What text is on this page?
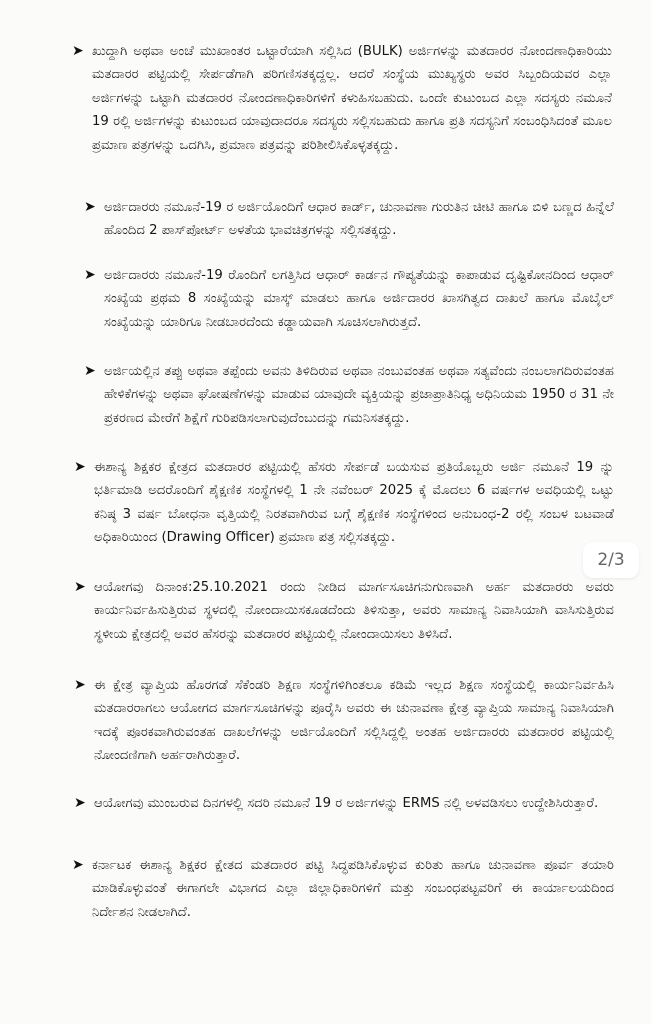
➤ ಖುದ್ದಾಗಿ ಅಥವಾ ಅಂಚೆ ಮುಖಾಂತರ ಒಟ್ಟಾರೆಯಾಗಿ ಸಲ್ಲಿಸಿದ (BULK) ಅರ್ಜಿಗಳನ್ನು ಮತದಾರರ ನೋಂದಣಾಧಿಕಾರಿಯು ಮತದಾರರ ಪಟ್ಟಿಯಲ್ಲಿ ಸೇರ್ಪಡೆಗಾಗಿ ಪರಿಗಣಿಸತಕ್ಕದ್ದಲ್ಲ. ಆದರೆ ಸಂಸ್ಥೆಯ ಮುಖ್ಯಸ್ಥರು ಅವರ ಸಿಬ್ಬಂದಿಯವರ ಎಲ್ಲಾ ಅರ್ಜಿಗಳನ್ನು ಒಟ್ಟಾಗಿ ಮತದಾರರ ನೋಂದಣಾಧಿಕಾರಿಗಳಿಗೆ ಕಳುಹಿಸಬಹುದು. ಒಂದೇ ಕುಟುಂಬದ ಎಲ್ಲಾ ಸದಸ್ಯರು ನಮೂನೆ 19 ರಲ್ಲಿ ಅರ್ಜಿಗಳನ್ನು ಕುಟುಂಬದ ಯಾವುದಾದರೂ ಸದಸ್ಯರು ಸಲ್ಲಿಸಬಹುದು ಹಾಗೂ ಪ್ರತಿ ಸದಸ್ಯನಿಗೆ ಸಂಬಂಧಿಸಿದಂತೆ ಮೂಲ ಪ್ರಮಾಣ ಪತ್ರಗಳನ್ನು ಒದಗಿಸಿ, ಪ್ರಮಾಣ ಪತ್ರವನ್ನು ಪರಿಶೀಲಿಸಿಕೊಳ್ಳತಕ್ಕದ್ದು.
➤ ಅರ್ಜಿದಾರರು ನಮೂನೆ-19 ರ ಅರ್ಜಿಯೊಂದಿಗೆ ಆಧಾರ ಕಾರ್ಡ್, ಚುನಾವಣಾ ಗುರುತಿನ ಚೀಟಿ ಹಾಗೂ ಬಿಳಿ ಬಣ್ಣದ ಹಿನ್ನೆಲೆ ಹೊಂದಿದ 2 ಪಾಸ್‌ಪೋರ್ಟ್ ಅಳತೆಯ ಭಾವಚಿತ್ರಗಳನ್ನು ಸಲ್ಲಿಸತಕ್ಕದ್ದು.
➤ ಅರ್ಜಿದಾರರು ನಮೂನೆ-19 ರೊಂದಿಗೆ ಲಗತ್ತಿಸಿದ ಆಧಾರ್ ಕಾರ್ಡನ ಗೌಪ್ಯತೆಯನ್ನು ಕಾಪಾಡುವ ದೃಷ್ಟಿಕೋನದಿಂದ ಆಧಾರ್ ಸಂಖ್ಯೆಯ ಪ್ರಥಮ 8 ಸಂಖ್ಯೆಯನ್ನು ಮಾಸ್ಕ್ ಮಾಡಲು ಹಾಗೂ ಅರ್ಜಿದಾರರ ಖಾಸಗಿತ್ವದ ದಾಖಲೆ ಹಾಗೂ ಮೊಬೈಲ್ ಸಂಖ್ಯೆಯನ್ನು ಯಾರಿಗೂ ನೀಡಬಾರದೆಂದು ಕಡ್ಡಾಯವಾಗಿ ಸೂಚಿಸಲಾಗಿರುತ್ತದೆ.
➤ ಅರ್ಜಿಯಲ್ಲಿನ ತಪ್ಪು ಅಥವಾ ತಪ್ಪೆಂದು ಅವನು ತಿಳಿದಿರುವ ಅಥವಾ ನಂಬುವಂತಹ ಅಥವಾ ಸತ್ಯವೆಂದು ನಂಬಲಾಗದಿರುವಂತಹ ಹೇಳಿಕೆಗಳನ್ನು ಅಥವಾ ಘೋಷಣೆಗಳನ್ನು ಮಾಡುವ ಯಾವುದೇ ವ್ಯಕ್ತಿಯನ್ನು ಪ್ರಜಾಪ್ರಾತಿನಿಧ್ಯ ಅಧಿನಿಯಮ 1950 ರ 31 ನೇ ಪ್ರಕರಣದ ಮೇರೆಗೆ ಶಿಕ್ಷೆಗೆ ಗುರಿಪಡಿಸಲಾಗುವುದೆಂಬುದನ್ನು ಗಮನಿಸತಕ್ಕದ್ದು.
➤ ಈಶಾನ್ಯ ಶಿಕ್ಷಕರ ಕ್ಷೇತ್ರದ ಮತದಾರರ ಪಟ್ಟಿಯಲ್ಲಿ ಹೆಸರು ಸೇರ್ಪಡೆ ಬಯಸುವ ಪ್ರತಿಯೊಬ್ಬರು ಅರ್ಜಿ ನಮೂನೆ 19 ನ್ನು ಭರ್ತಿಮಾಡಿ ಅದರೊಂದಿಗೆ ಶೈಕ್ಷಣಿಕ ಸಂಸ್ಥೆಗಳಲ್ಲಿ 1 ನೇ ನವೆಂಬರ್ 2025 ಕ್ಕೆ ಮೊದಲು 6 ವರ್ಷಗಳ ಅವಧಿಯಲ್ಲಿ ಒಟ್ಟು ಕನಿಷ್ಠ 3 ವರ್ಷ ಬೋಧನಾ ವೃತ್ತಿಯಲ್ಲಿ ನಿರತವಾಗಿರುವ ಬಗ್ಗೆ ಶೈಕ್ಷಣಿಕ ಸಂಸ್ಥೆಗಳಿಂದ ಅನುಬಂಧ-2 ರಲ್ಲಿ ಸಂಬಳ ಬಟವಾಡೆ ಅಧಿಕಾರಿಯಿಂದ (Drawing Officer) ಪ್ರಮಾಣ ಪತ್ರ ಸಲ್ಲಿಸತಕ್ಕದ್ದು.
➤ ಆಯೋಗವು ದಿನಾಂಕ:25.10.2021 ರಂದು ನೀಡಿದ ಮಾರ್ಗಸೂಚಿಗನುಗುಣವಾಗಿ ಅರ್ಹ ಮತದಾರರು ಅವರು ಕಾರ್ಯನಿರ್ವಹಿಸುತ್ತಿರುವ ಸ್ಥಳದಲ್ಲಿ ನೋಂದಾಯಿಸಕೂಡದೆಂದು ತಿಳಿಸುತ್ತಾ, ಅವರು ಸಾಮಾನ್ಯ ನಿವಾಸಿಯಾಗಿ ವಾಸಿಸುತ್ತಿರುವ ಸ್ಥಳೀಯ ಕ್ಷೇತ್ರದಲ್ಲಿ ಅವರ ಹೆಸರನ್ನು ಮತದಾರರ ಪಟ್ಟಿಯಲ್ಲಿ ನೋಂದಾಯಿಸಲು ತಿಳಿಸಿದೆ.
➤ ಈ ಕ್ಷೇತ್ರ ವ್ಯಾಪ್ತಿಯ ಹೊರಗಡೆ ಸೆಕೆಂಡರಿ ಶಿಕ್ಷಣ ಸಂಸ್ಥೆಗಳಿಗಿಂತಲೂ ಕಡಿಮೆ ಇಲ್ಲದ ಶಿಕ್ಷಣ ಸಂಸ್ಥೆಯಲ್ಲಿ ಕಾರ್ಯನಿರ್ವಹಿಸಿ ಮತದಾರರಾಗಲು ಆಯೋಗದ ಮಾರ್ಗಸೂಚಿಗಳನ್ನು ಪೂರೈಸಿ ಅವರು ಈ ಚುನಾವಣಾ ಕ್ಷೇತ್ರ ವ್ಯಾಪ್ತಿಯ ಸಾಮಾನ್ಯ ನಿವಾಸಿಯಾಗಿ ಇದಕ್ಕೆ ಪೂರಕವಾಗಿರುವಂತಹ ದಾಖಲೆಗಳನ್ನು ಅರ್ಜಿಯೊಂದಿಗೆ ಸಲ್ಲಿಸಿದ್ದಲ್ಲಿ ಅಂತಹ ಅರ್ಜಿದಾರರು ಮತದಾರರ ಪಟ್ಟಿಯಲ್ಲಿ ನೋಂದಣಿಗಾಗಿ ಅರ್ಹರಾಗಿರುತ್ತಾರೆ.
➤ ಆಯೋಗವು ಮುಂಬರುವ ದಿನಗಳಲ್ಲಿ ಸದರಿ ನಮೂನೆ 19 ರ ಅರ್ಜಿಗಳನ್ನು ERMS ನಲ್ಲಿ ಅಳವಡಿಸಲು ಉದ್ದೇಶಿಸಿರುತ್ತಾರೆ.
➤ ಕರ್ನಾಟಕ ಈಶಾನ್ಯ ಶಿಕ್ಷಕರ ಕ್ಷೇತದ ಮತದಾರರ ಪಟ್ಟಿ ಸಿದ್ಧಪಡಿಸಿಕೊಳ್ಳುವ ಕುರಿತು ಹಾಗೂ ಚುನಾವಣಾ ಪೂರ್ವ ತಯಾರಿ ಮಾಡಿಕೊಳ್ಳುವಂತೆ ಈಗಾಗಲೇ ವಿಭಾಗದ ಎಲ್ಲಾ ಜಿಲ್ಲಾಧಿಕಾರಿಗಳಿಗೆ ಮತ್ತು ಸಂಬಂಧಪಟ್ಟವರಿಗೆ ಈ ಕಾರ್ಯಾಲಯದಿಂದ ನಿರ್ದೇಶನ ನೀಡಲಾಗಿದೆ.
2/3
